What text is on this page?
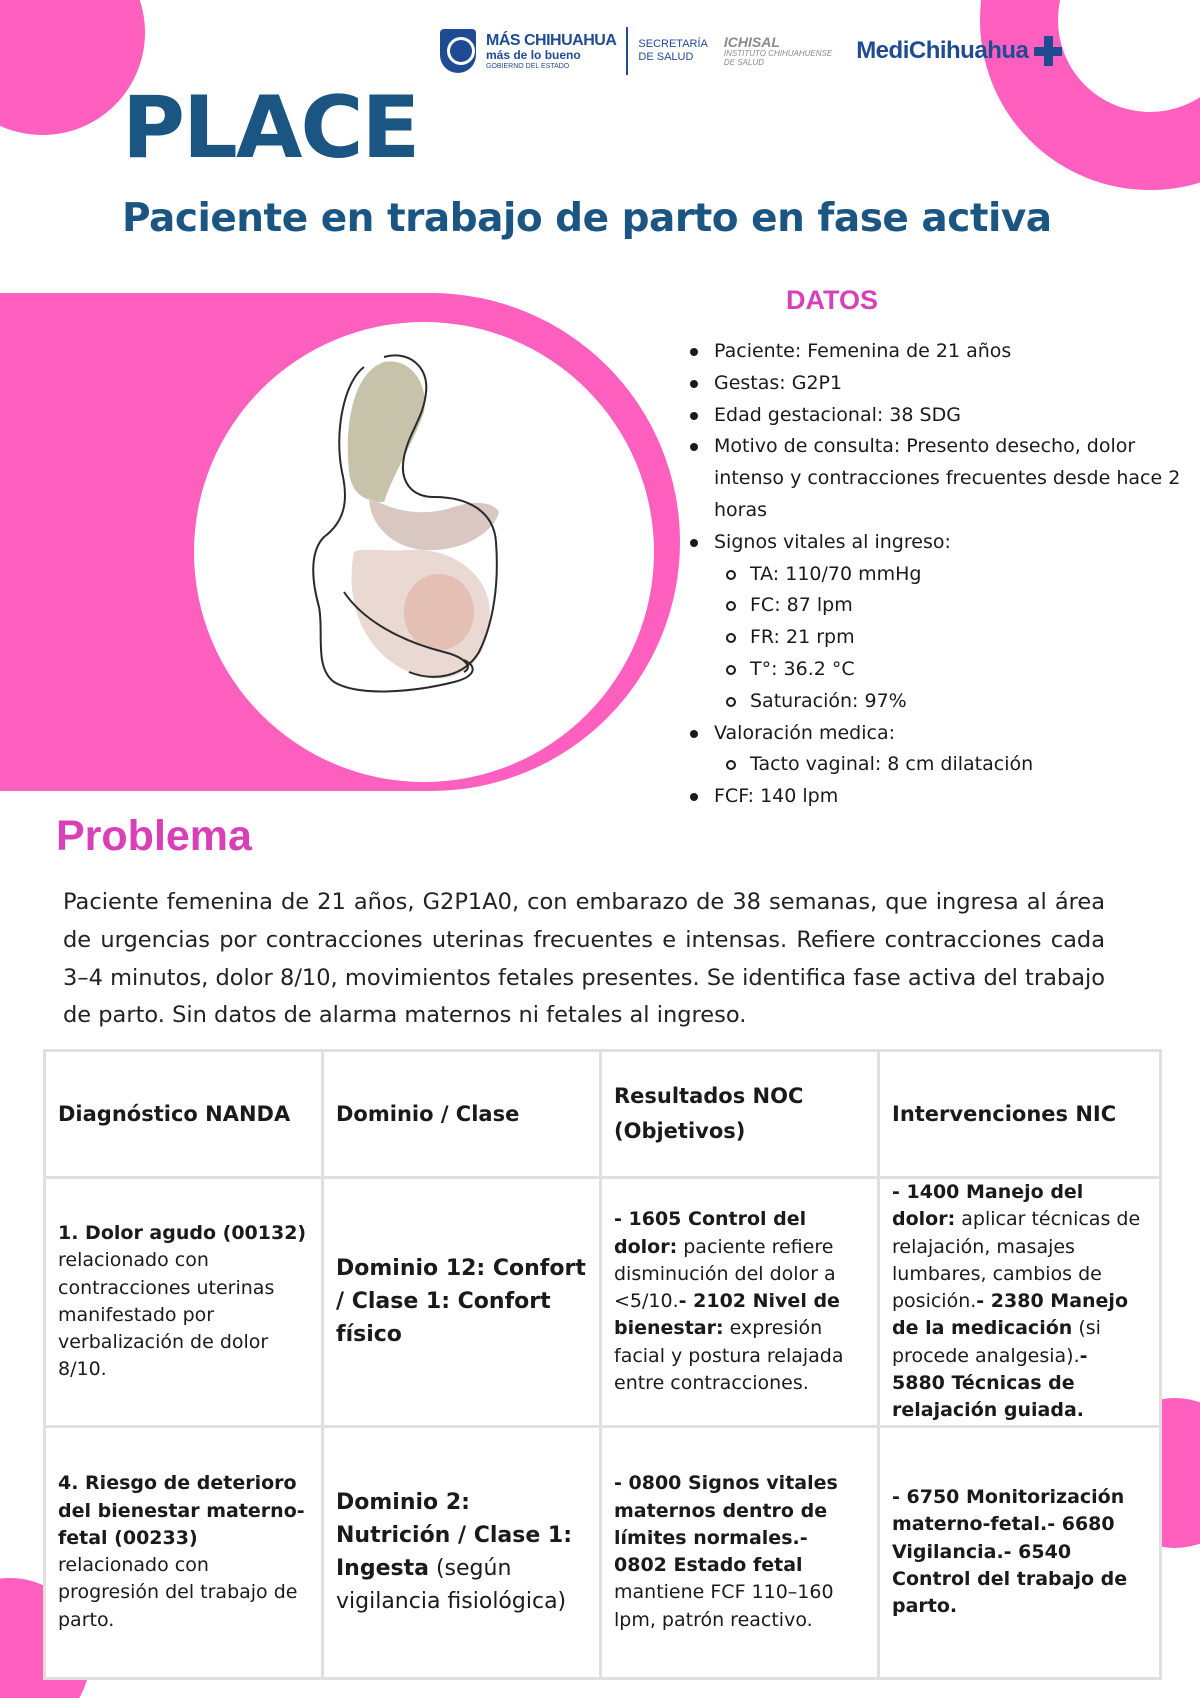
MÁS CHIHUAHUA
más de lo bueno
GOBIERNO DEL ESTADO
SECRETARÍA
DE SALUD
ICHISAL
INSTITUTO CHIHUAHUENSE
DE SALUD	MediChihuahua
PLACE
Paciente en trabajo de parto en fase activa
DATOS
Paciente: Femenina de 21 años
Gestas: G2P1
Edad gestacional: 38 SDG
Motivo de consulta: Presento desecho, dolor intenso y contracciones frecuentes desde hace 2 horas
Signos vitales al ingreso:
TA: 110/70 mmHg
FC: 87 lpm
FR: 21 rpm
T°: 36.2 °C
Saturación: 97%
Valoración medica:
Tacto vaginal: 8 cm dilatación
FCF: 140 lpm
Problema

Paciente femenina de 21 años, G2P1A0, con embarazo de 38 semanas, que ingresa al área de urgencias por contracciones uterinas frecuentes e intensas. Refiere contracciones cada 3–4 minutos, dolor 8/10, movimientos fetales presentes. Se identifica fase activa del trabajo de parto. Sin datos de alarma maternos ni fetales al ingreso.

Diagnóstico NANDA	Dominio / Clase	Resultados NOC (Objetivos)	Intervenciones NIC
1. Dolor agudo (00132) relacionado con contracciones uterinas manifestado por verbalización de dolor 8/10.	Dominio 12: Confort / Clase 1: Confort físico	- 1605 Control del dolor: paciente refiere disminución del dolor a <5/10.- 2102 Nivel de bienestar: expresión facial y postura relajada entre contracciones.	- 1400 Manejo del dolor: aplicar técnicas de relajación, masajes lumbares, cambios de posición.- 2380 Manejo de la medicación (si procede analgesia).- 5880 Técnicas de relajación guiada.
4. Riesgo de deterioro del bienestar materno-fetal (00233) relacionado con progresión del trabajo de parto.	Dominio 2: Nutrición / Clase 1: Ingesta (según vigilancia fisiológica)	- 0800 Signos vitales maternos dentro de límites normales.- 0802 Estado fetal mantiene FCF 110–160 lpm, patrón reactivo.	- 6750 Monitorización materno-fetal.- 6680 Vigilancia.- 6540 Control del trabajo de parto.
